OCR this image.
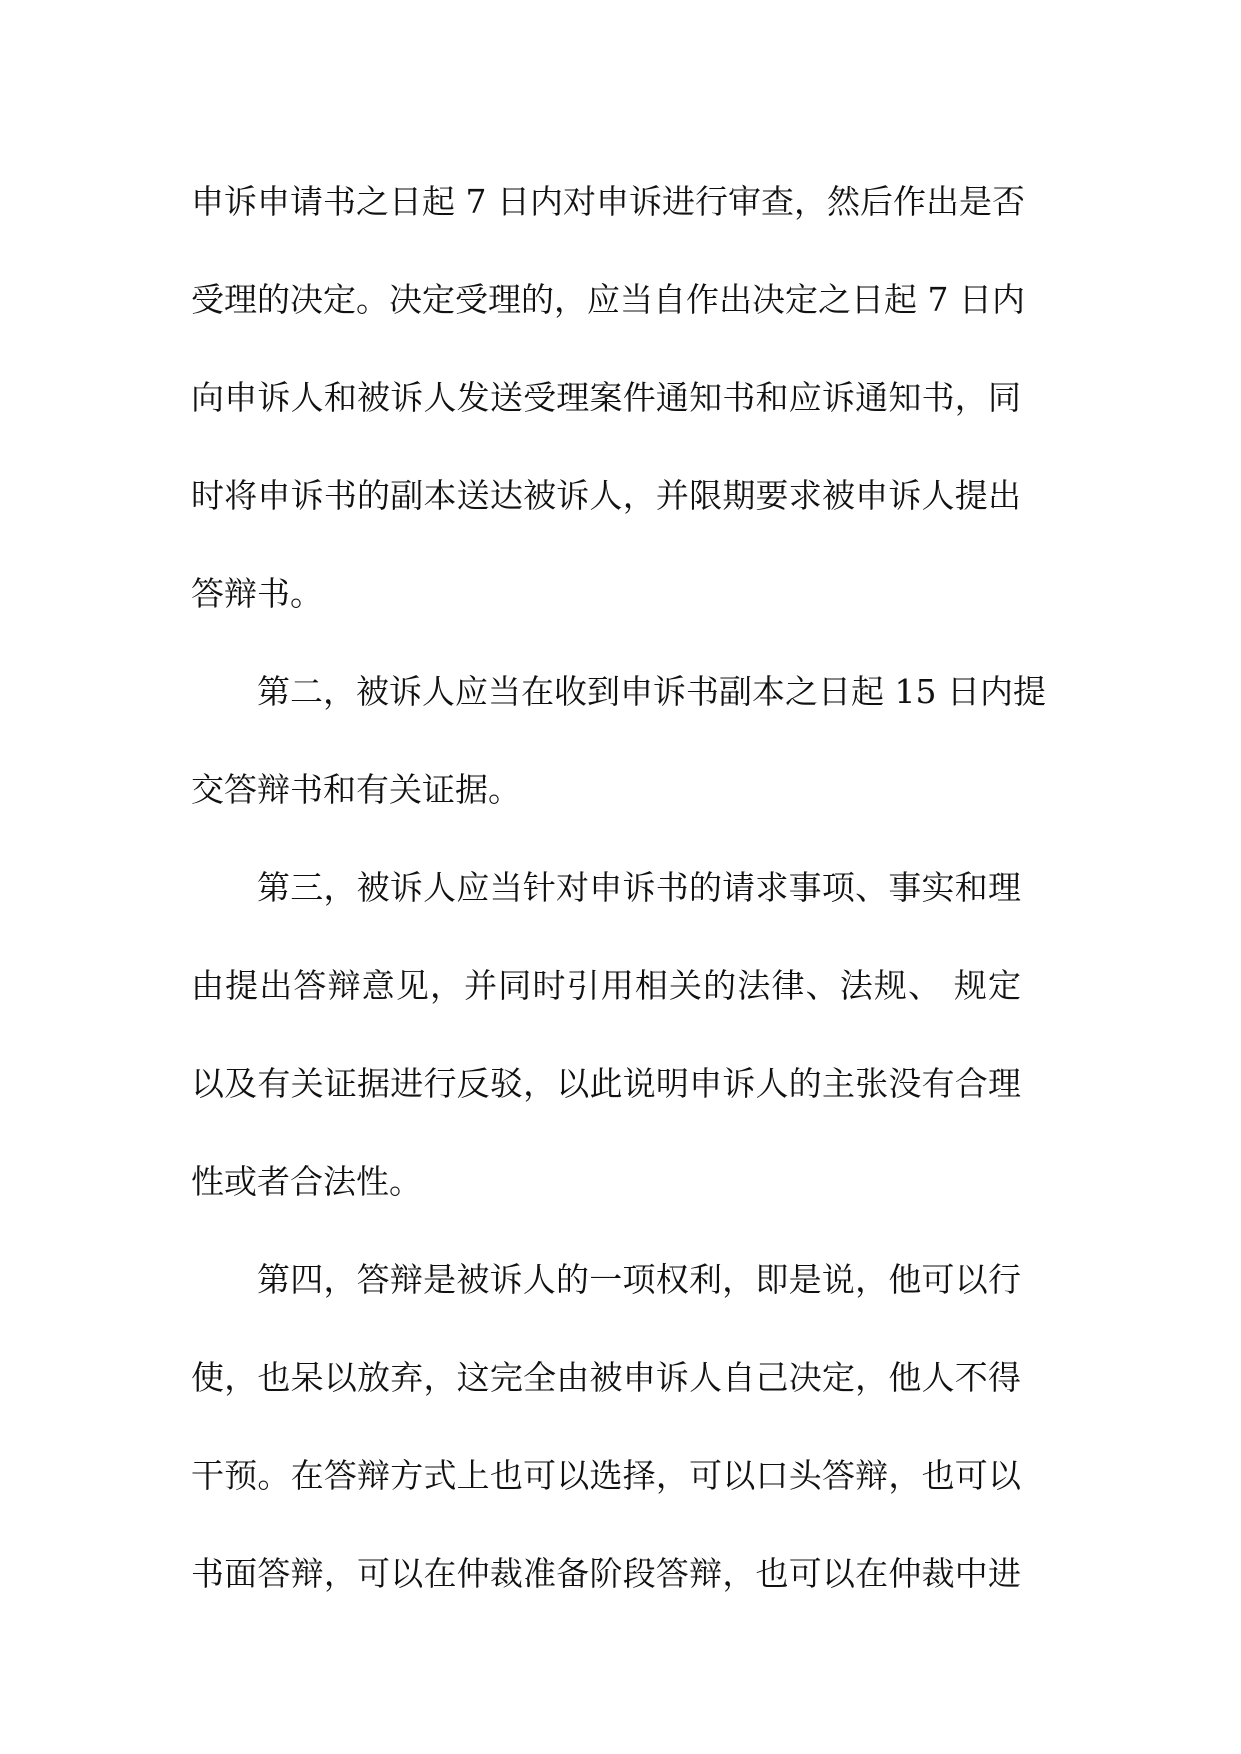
申诉申请书之日起 7 日内对申诉进行审查，然后作出是否
受理的决定。决定受理的，应当自作出决定之日起 7 日内
向申诉人和被诉人发送受理案件通知书和应诉通知书，同
时将申诉书的副本送达被诉人，并限期要求被申诉人提出
答辩书。
第二，被诉人应当在收到申诉书副本之日起 15 日内提
交答辩书和有关证据。
第三，被诉人应当针对申诉书的请求事项、事实和理
由提出答辩意见，并同时引用相关的法律、法规、 规定
以及有关证据进行反驳，以此说明申诉人的主张没有合理
性或者合法性。
第四，答辩是被诉人的一项权利，即是说，他可以行
使，也呆以放弃，这完全由被申诉人自己决定，他人不得
干预。在答辩方式上也可以选择，可以口头答辩，也可以
书面答辩，可以在仲裁准备阶段答辩，也可以在仲裁中进
